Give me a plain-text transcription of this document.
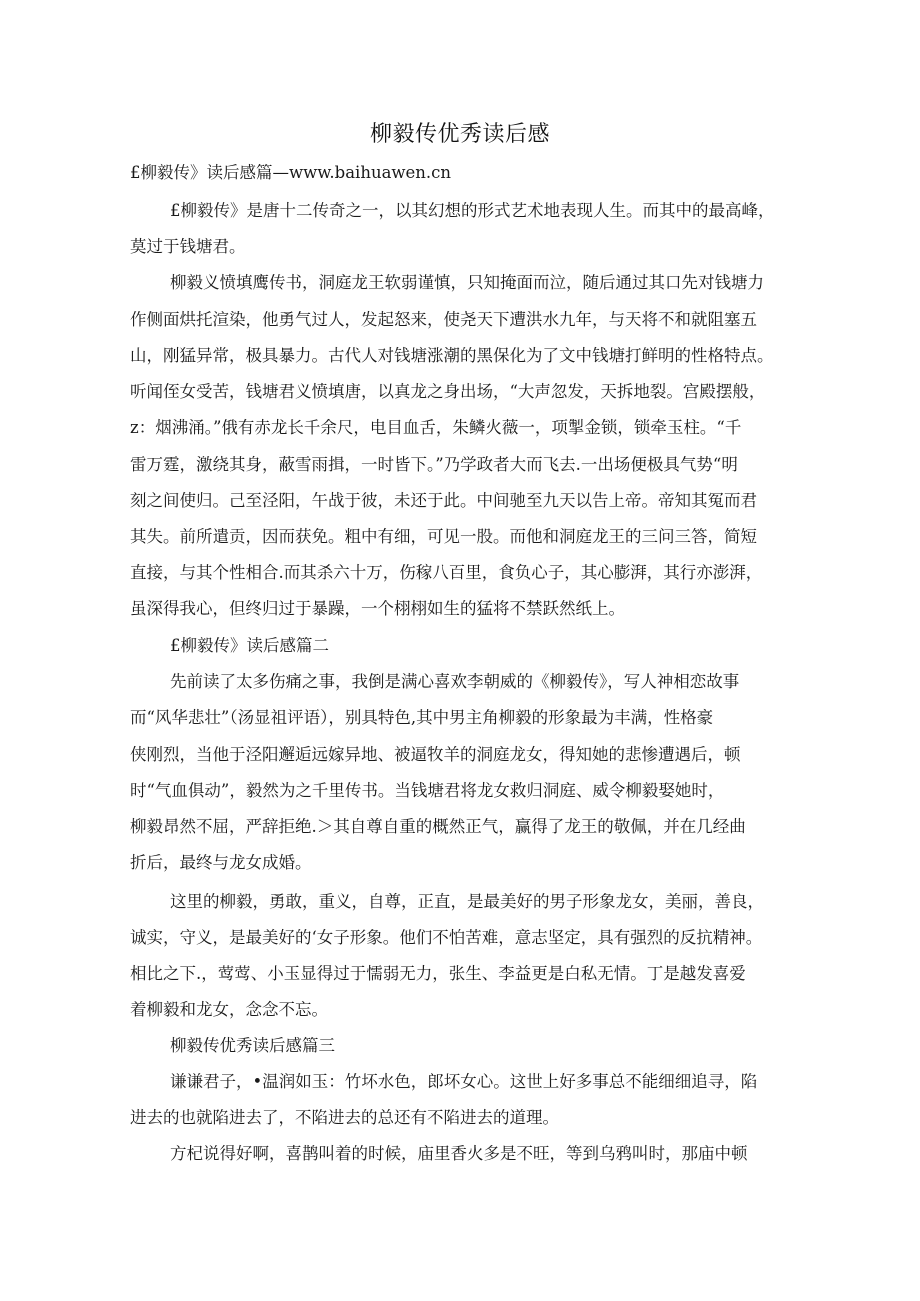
柳毅传优秀读后感
£柳毅传》读后感篇—www.baihuawen.cn
£柳毅传》是唐十二传奇之一，以其幻想的形式艺术地表现人生。而其中的最高峰，
莫过于钱塘君。
柳毅义愤填鹰传书，洞庭龙王软弱谨慎，只知掩面而泣，随后通过其口先对钱塘力
作侧面烘托渲染，他勇气过人，发起怒来，使尧天下遭洪水九年，与天将不和就阻塞五
山，刚猛异常，极具暴力。古代人对钱塘涨潮的黑保化为了文中钱塘打鲜明的性格特点。
听闻侄女受苦，钱塘君义愤填唐，以真龙之身出场，“大声忽发，天拆地裂。宫殿摆般，
z：烟沸涌。”俄有赤龙长千余尺，电目血舌，朱鳞火薇一，项掣金锁，锁牵玉柱。“千
雷万霆，激绕其身，蔽雪雨揖，一时皆下。”乃学政者大而飞去.一出场便极具气势“明
刻之间使归。己至泾阳，午战于彼，未还于此。中间驰至九天以告上帝。帝知其冤而君
其失。前所遣贡，因而获免。粗中有细，可见一股。而他和洞庭龙王的三问三答，简短
直接，与其个性相合.而其杀六十万，伤稼八百里，食负心子，其心膨湃，其行亦澎湃，
虽深得我心，但终归过于暴躁，一个栩栩如生的猛将不禁跃然纸上。
£柳毅传》读后感篇二
先前读了太多伤痛之事，我倒是满心喜欢李朝威的《柳毅传》，写人神相恋故事
而“风华悲壮”（汤显祖评语），别具特色,其中男主角柳毅的形象最为丰满，性格豪
侠刚烈，当他于泾阳邂逅远嫁异地、被逼牧羊的洞庭龙女，得知她的悲惨遭遇后，顿
时“气血俱动”，毅然为之千里传书。当钱塘君将龙女救归洞庭、威令柳毅娶她时，
柳毅昂然不屈，严辞拒绝.＞其自尊自重的概然正气，赢得了龙王的敬佩，并在几经曲
折后，最终与龙女成婚。
这里的柳毅，勇敢，重义，自尊，正直，是最美好的男子形象龙女，美丽，善良，
诚实，守义，是最美好的‘女子形象。他们不怕苦难，意志坚定，具有强烈的反抗精神。
相比之下.，莺莺、小玉显得过于懦弱无力，张生、李益更是白私无情。丁是越发喜爱
着柳毅和龙女，念念不忘。
柳毅传优秀读后感篇三
谦谦君子，•温润如玉：竹坏水色，郎坏女心。这世上好多事总不能细细追寻，陷
进去的也就陷进去了，不陷进去的总还有不陷进去的道理。
方杞说得好啊，喜鹊叫着的时候，庙里香火多是不旺，等到乌鸦叫时，那庙中顿
